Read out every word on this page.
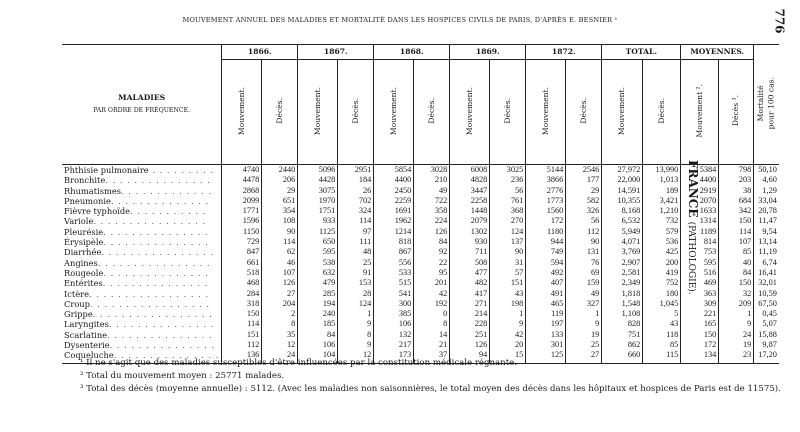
MOUVEMENT ANNUEL DES MALADIES ET MORTALITÉ DANS LES HOSPICES CIVILS DE PARIS, D'APRÈS E. BESNIER ¹	776
FRANCE (PATHOLOGIE).
MALADIES
PAR ORDRE DE FRÉQUENCE.	1866.		1867.		1868.		1869.		1872.		TOTAL.		MOYENNES.		Mortalité
pour 100 cas.
	Mouvement.	Décès.	Mouvement.	Décès.	Mouvement.	Décès.	Mouvement.	Décès.	Mouvement.	Décès.	Mouvement.	Décès.	Mouvement ².	Décès ³.	
Phthisie pulmonaire . . . . . . . . .	4740	2440	5096	2951	5854	3028	6008	3025	5144	2546	27,972	13,990	5384	798	50,10
Bronchite. . . . . . . . . . . . . . .	4478	206	4428	184	4400	210	4828	236	3866	177	22,000	1,013	4400	203	4,60
Rhumatismes. . . . . . . . . . . . .	2868	29	3075	26	2450	49	3447	56	2776	29	14,591	189	2919	38	1,29
Pneumonie. . . . . . . . . . . . . .	2099	651	1970	702	2259	722	2258	761	1773	582	10,355	3,421	2070	684	33,04
Fièvre typhoïde. . . . . . . . . . .	1771	354	1751	324	1691	358	1448	368	1560	326	8,168	1,210	1633	342	20,78
Variole. . . . . . . . . . . . . . . .	1596	108	933	114	1962	224	2079	270	172	56	6,532	732	1314	150	11,47
Pleurésie. . . . . . . . . . . . . . .	1150	90	1125	97	1214	126	1302	124	1180	112	5,949	579	1189	114	9,54
Érysipèle. . . . . . . . . . . . . . .	729	114	650	111	818	84	930	137	944	90	4,071	536	814	107	13,14
Diarrhée. . . . . . . . . . . . . . . .	847	62	595	48	867	92	711	90	749	131	3,769	425	753	85	11,19
Angines. . . . . . . . . . . . . . . .	661	46	538	25	556	22	508	31	594	76	2,907	200	595	40	6,74
Rougeole. . . . . . . . . . . . . . .	518	107	632	91	533	95	477	57	492	69	2,581	419	516	84	16,41
Entérites. . . . . . . . . . . . . . .	468	126	479	153	515	201	482	151	407	159	2,349	752	469	150	32,01
Ictère. . . . . . . . . . . . . . . . .	284	27	285	28	541	42	417	43	491	49	1,818	180	363	32	10,59
Croup. . . . . . . . . . . . . . . . .	318	204	194	124	300	192	271	198	465	327	1,548	1,045	309	209	67,50
Grippe. . . . . . . . . . . . . . . . .	150	2	240	1	385	0	214	1	119	1	1,108	5	221	1	0,45
Laryngites. . . . . . . . . . . . . . .	114	8	185	9	106	8	228	9	197	9	828	43	165	9	5,07
Scarlatine. . . . . . . . . . . . . . .	151	35	84	8	132	14	251	42	133	19	751	118	150	24	15,88
Dysenterie. . . . . . . . . . . . . . .	112	12	106	9	217	21	126	20	301	25	862	85	172	19	9,87
Coqueluche. . . . . . . . . . . . . . .	136	24	104	12	173	37	94	15	125	27	660	115	134	23	17,20
¹ Il ne s'agit que des maladies susceptibles d'être influencées par la constitution médicale régnante.
² Total du mouvement moyen : 25771 malades.
³ Total des décès (moyenne annuelle) : 5112. (Avec les maladies non saisonnières, le total moyen des décès dans les hôpitaux et hospices de Paris est de 11575).
